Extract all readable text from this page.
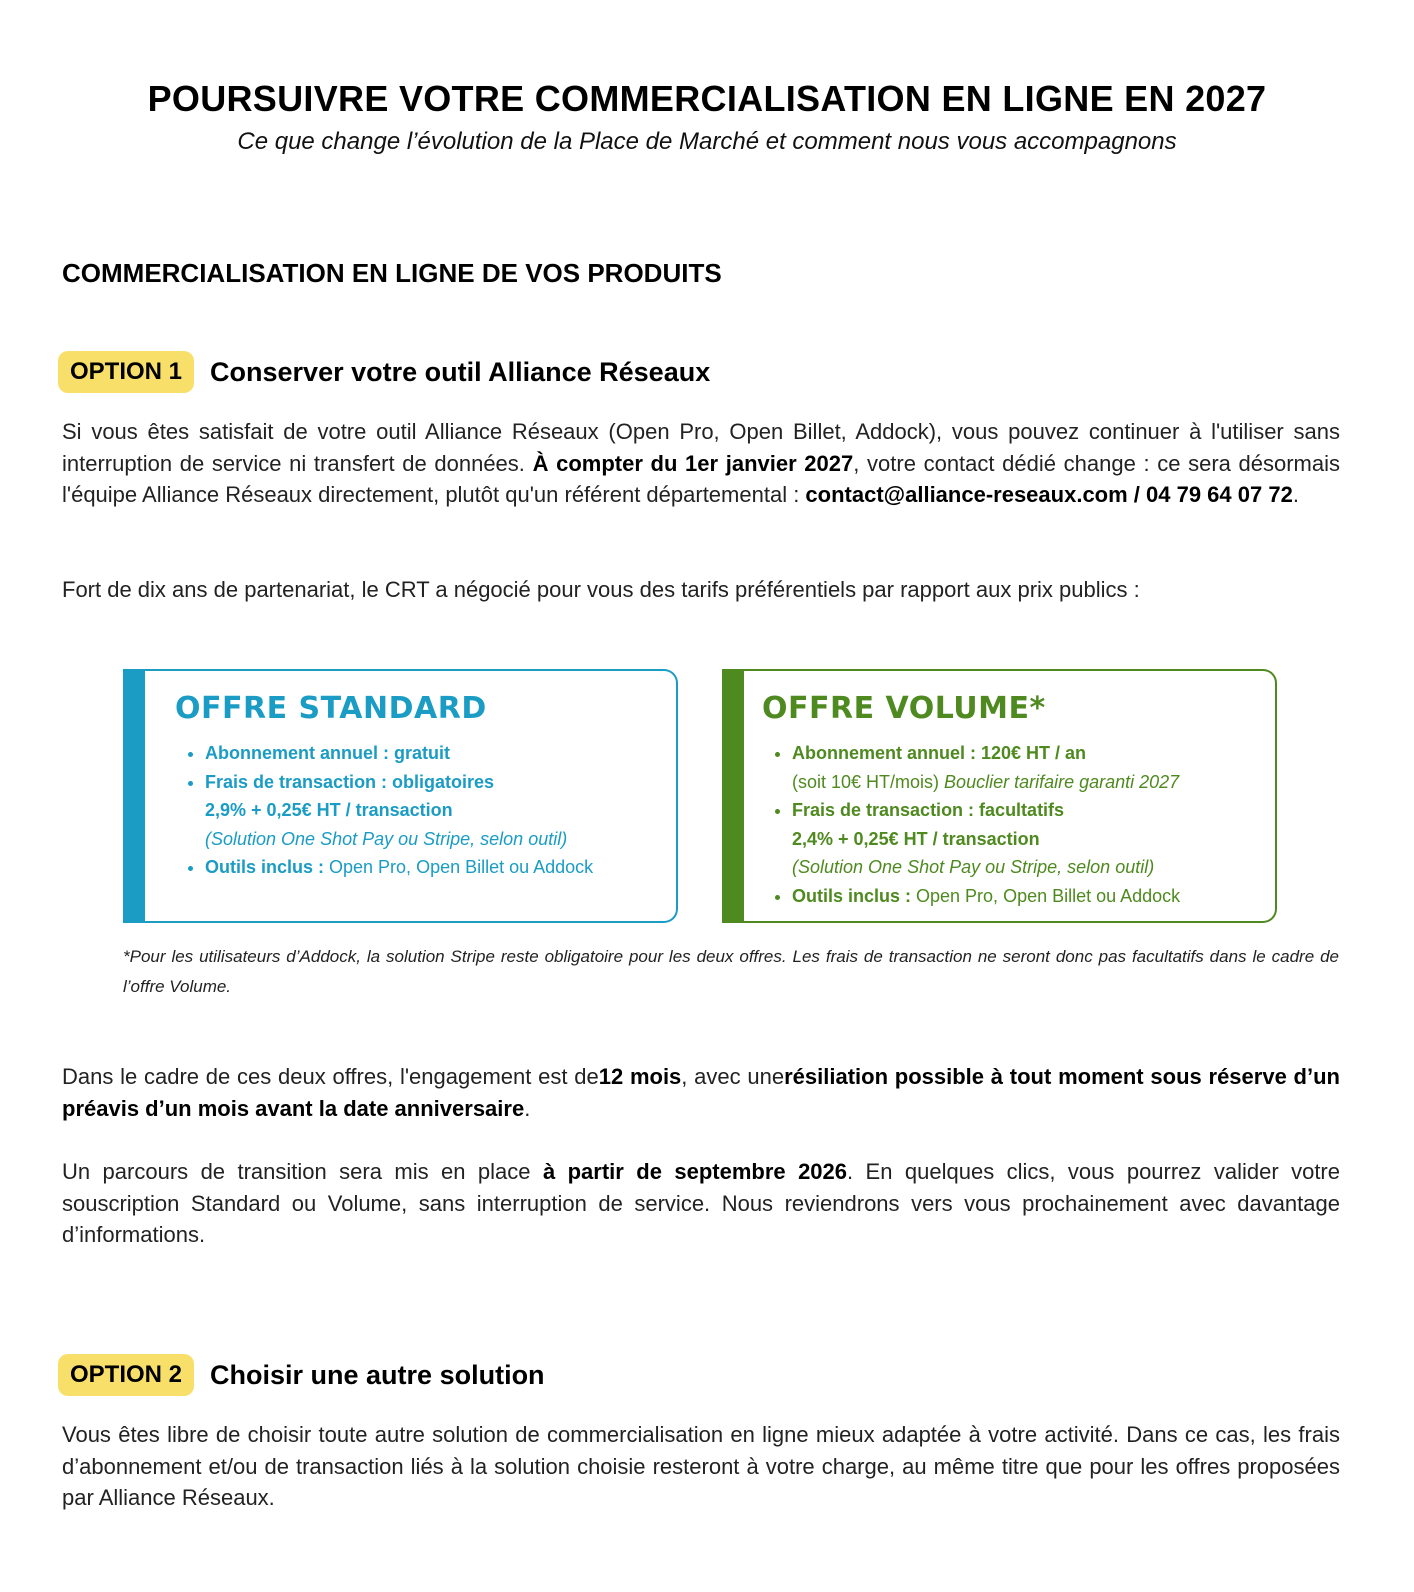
POURSUIVRE VOTRE COMMERCIALISATION EN LIGNE EN 2027
Ce que change l’évolution de la Place de Marché et comment nous vous accompagnons
COMMERCIALISATION EN LIGNE DE VOS PRODUITS
OPTION 1	Conserver votre outil Alliance Réseaux
Si vous êtes satisfait de votre outil Alliance Réseaux (Open Pro, Open Billet, Addock), vous pouvez continuer à l'utiliser sans interruption de service ni transfert de données. À compter du 1er janvier 2027, votre contact dédié change : ce sera désormais l'équipe Alliance Réseaux directement, plutôt qu'un référent départemental : contact@alliance-reseaux.com / 04 79 64 07 72.
Fort de dix ans de partenariat, le CRT a négocié pour vous des tarifs préférentiels par rapport aux prix publics :
OFFRE STANDARD
• Abonnement annuel : gratuit
• Frais de transaction : obligatoires
2,9% + 0,25€ HT / transaction
(Solution One Shot Pay ou Stripe, selon outil)
• Outils inclus : Open Pro, Open Billet ou Addock
OFFRE VOLUME*
• Abonnement annuel : 120€ HT / an
(soit 10€ HT/mois) Bouclier tarifaire garanti 2027
• Frais de transaction : facultatifs
2,4% + 0,25€ HT / transaction
(Solution One Shot Pay ou Stripe, selon outil)
• Outils inclus : Open Pro, Open Billet ou Addock
*Pour les utilisateurs d’Addock, la solution Stripe reste obligatoire pour les deux offres. Les frais de transaction ne seront donc pas facultatifs dans le cadre de l’offre Volume.
Dans le cadre de ces deux offres, l'engagement est de12 mois, avec unerésiliation possible à tout moment sous réserve d’un préavis d’un mois avant la date anniversaire.
Un parcours de transition sera mis en place à partir de septembre 2026. En quelques clics, vous pourrez valider votre souscription Standard ou Volume, sans interruption de service. Nous reviendrons vers vous prochainement avec davantage d’informations.
OPTION 2	Choisir une autre solution
Vous êtes libre de choisir toute autre solution de commercialisation en ligne mieux adaptée à votre activité. Dans ce cas, les frais d’abonnement et/ou de transaction liés à la solution choisie resteront à votre charge, au même titre que pour les offres proposées par Alliance Réseaux.
